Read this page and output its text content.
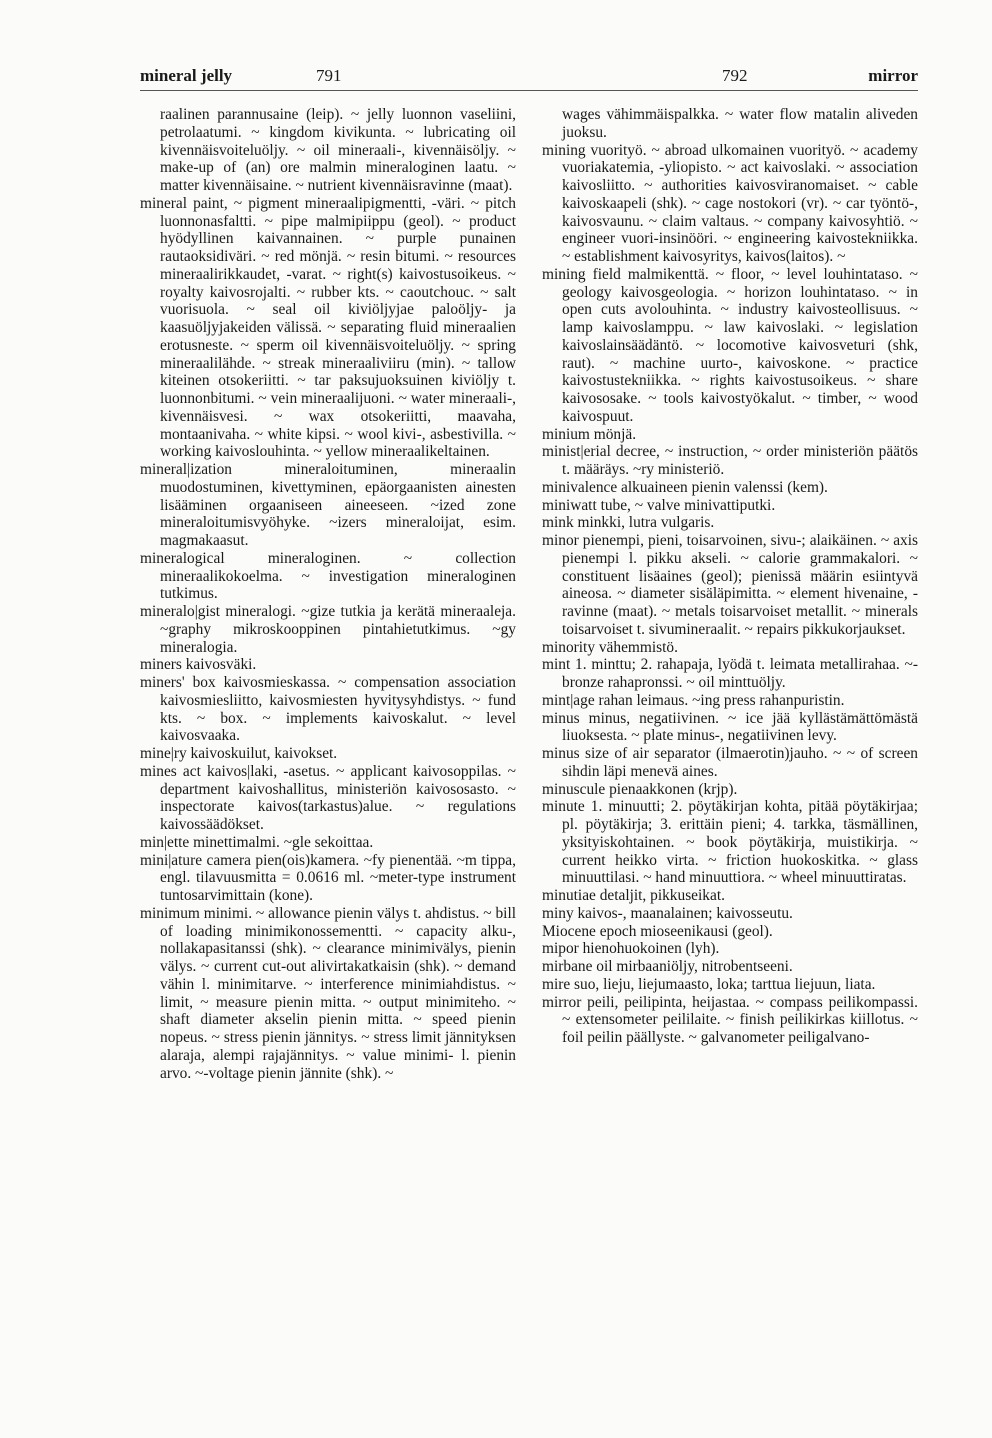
mineral jelly	791	792	mirror

raalinen parannusaine (leip). ~ jelly luonnon vaseliini, petrolaatumi. ~ kingdom kivikunta. ~ lubricating oil kivennäisvoiteluöljy. ~ oil mineraali-, kivennäisöljy. ~ make-up of (an) ore malmin mineraloginen laatu. ~ matter kivennäisaine. ~ nutrient kivennäisravinne (maat).

mineral paint, ~ pigment mineraalipigmentti, -väri. ~ pitch luonnonasfaltti. ~ pipe malmipiippu (geol). ~ product hyödyllinen kaivannainen. ~ purple punainen rautaoksidiväri. ~ red mönjä. ~ resin bitumi. ~ resources mineraalirikkaudet, -varat. ~ right(s) kaivostusoikeus. ~ royalty kaivosrojalti. ~ rubber kts. ~ caoutchouc. ~ salt vuorisuola. ~ seal oil kiviöljyjae paloöljy- ja kaasuöljyjakeiden välissä. ~ separating fluid mineraalien erotusneste. ~ sperm oil kivennäisvoiteluöljy. ~ spring mineraalilähde. ~ streak mineraaliviiru (min). ~ tallow kiteinen otsokeriitti. ~ tar paksujuoksuinen kiviöljy t. luonnonbitumi. ~ vein mineraalijuoni. ~ water mineraali-, kivennäisvesi. ~ wax otsokeriitti, maavaha, montaanivaha. ~ white kipsi. ~ wool kivi-, asbestivilla. ~ working kaivoslouhinta. ~ yellow mineraalikeltainen.

mineral|ization mineraloituminen, mineraalin muodostuminen, kivettyminen, epäorgaanisten ainesten lisääminen orgaaniseen aineeseen. ~ized zone mineraloitumisvyöhyke. ~izers mineraloijat, esim. magmakaasut.

mineralogical mineraloginen. ~ collection mineraalikokoelma. ~ investigation mineraloginen tutkimus.

mineralo|gist mineralogi. ~gize tutkia ja kerätä mineraaleja. ~graphy mikroskooppinen pintahietutkimus. ~gy mineralogia.

miners kaivosväki.

miners' box kaivosmieskassa. ~ compensation association kaivosmiesliitto, kaivosmiesten hyvitysyhdistys. ~ fund kts. ~ box. ~ implements kaivoskalut. ~ level kaivosvaaka.

mine|ry kaivoskuilut, kaivokset.

mines act kaivos|laki, -asetus. ~ applicant kaivosoppilas. ~ department kaivoshallitus, ministeriön kaivososasto. ~ inspectorate kaivos(tarkastus)alue. ~ regulations kaivossäädökset.

min|ette minettimalmi. ~gle sekoittaa.

mini|ature camera pien(ois)kamera. ~fy pienentää. ~m tippa, engl. tilavuusmitta = 0.0616 ml. ~meter-type instrument tuntosarvimittain (kone).

minimum minimi. ~ allowance pienin välys t. ahdistus. ~ bill of loading minimikonossementti. ~ capacity alku-, nollakapasitanssi (shk). ~ clearance minimivälys, pienin välys. ~ current cut-out alivirtakatkaisin (shk). ~ demand vähin l. minimitarve. ~ interference minimiahdistus. ~ limit, ~ measure pienin mitta. ~ output minimiteho. ~ shaft diameter akselin pienin mitta. ~ speed pienin nopeus. ~ stress pienin jännitys. ~ stress limit jännityksen alaraja, alempi rajajännitys. ~ value minimi- l. pienin arvo. ~-voltage pienin jännite (shk). ~

wages vähimmäispalkka. ~ water flow matalin aliveden juoksu.

mining vuorityö. ~ abroad ulkomainen vuorityö. ~ academy vuoriakatemia, -yliopisto. ~ act kaivoslaki. ~ association kaivosliitto. ~ authorities kaivosviranomaiset. ~ cable kaivoskaapeli (shk). ~ cage nostokori (vr). ~ car työntö-, kaivosvaunu. ~ claim valtaus. ~ company kaivosyhtiö. ~ engineer vuori-insinööri. ~ engineering kaivostekniikka. ~ establishment kaivosyritys, kaivos(laitos). ~

mining field malmikenttä. ~ floor, ~ level louhintataso. ~ geology kaivosgeologia. ~ horizon louhintataso. ~ in open cuts avolouhinta. ~ industry kaivosteollisuus. ~ lamp kaivoslamppu. ~ law kaivoslaki. ~ legislation kaivoslainsäädäntö. ~ locomotive kaivosveturi (shk, raut). ~ machine uurto-, kaivoskone. ~ practice kaivostustekniikka. ~ rights kaivostusoikeus. ~ share kaivososake. ~ tools kaivostyökalut. ~ timber, ~ wood kaivospuut.

minium mönjä.

minist|erial decree, ~ instruction, ~ order ministeriön päätös t. määräys. ~ry ministeriö.

minivalence alkuaineen pienin valenssi (kem).

miniwatt tube, ~ valve minivattiputki.

mink minkki, lutra vulgaris.

minor pienempi, pieni, toisarvoinen, sivu-; alaikäinen. ~ axis pienempi l. pikku akseli. ~ calorie grammakalori. ~ constituent lisäaines (geol); pienissä määrin esiintyvä aineosa. ~ diameter sisäläpimitta. ~ element hivenaine, -ravinne (maat). ~ metals toisarvoiset metallit. ~ minerals toisarvoiset t. sivumineraalit. ~ repairs pikkukorjaukset.

minority vähemmistö.

mint 1. minttu; 2. rahapaja, lyödä t. leimata metallirahaa. ~-bronze rahapronssi. ~ oil minttuöljy.

mint|age rahan leimaus. ~ing press rahanpuristin.

minus minus, negatiivinen. ~ ice jää kyllästämättömästä liuoksesta. ~ plate minus-, negatiivinen levy.

minus size of air separator (ilmaerotin)jauho. ~ ~ of screen sihdin läpi menevä aines.

minuscule pienaakkonen (krjp).

minute 1. minuutti; 2. pöytäkirjan kohta, pitää pöytäkirjaa; pl. pöytäkirja; 3. erittäin pieni; 4. tarkka, täsmällinen, yksityiskohtainen. ~ book pöytäkirja, muistikirja. ~ current heikko virta. ~ friction huokoskitka. ~ glass minuuttilasi. ~ hand minuuttiora. ~ wheel minuuttiratas.

minutiae detaljit, pikkuseikat.

miny kaivos-, maanalainen; kaivosseutu.

Miocene epoch mioseenikausi (geol).

mipor hienohuokoinen (lyh).

mirbane oil mirbaaniöljy, nitrobentseeni.

mire suo, lieju, liejumaasto, loka; tarttua liejuun, liata.

mirror peili, peilipinta, heijastaa. ~ compass peilikompassi. ~ extensometer peililaite. ~ finish peilikirkas kiillotus. ~ foil peilin päällyste. ~ galvanometer peiligalvano-
